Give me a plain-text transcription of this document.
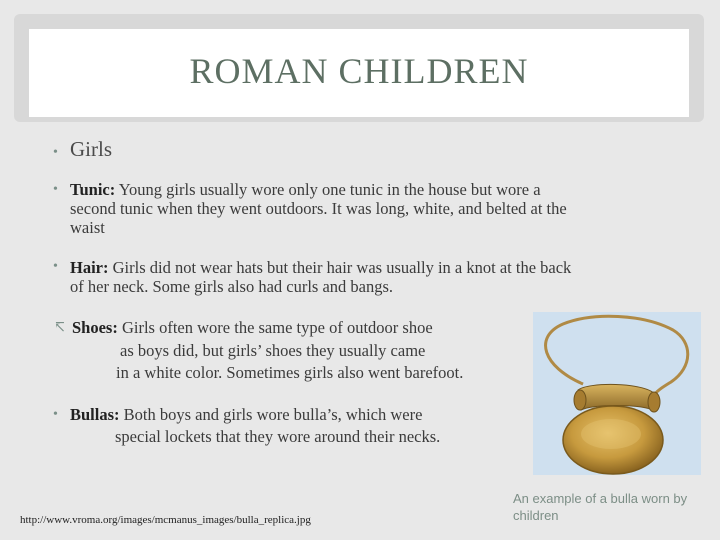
ROMAN CHILDREN
• Girls
• Tunic: Young girls usually wore only one tunic in the house but wore a
second tunic when they went outdoors. It was long, white, and belted at the
waist
• Hair: Girls did not wear hats but their hair was usually in a knot at the back
of her neck. Some girls also had curls and bangs.
↸ Shoes: Girls often wore the same type of outdoor shoe
as boys did, but girls’ shoes they usually came
in a white color. Sometimes girls also went barefoot.
• Bullas: Both boys and girls wore bulla’s, which were
special lockets that they wore around their necks.
An example of a bulla worn by children
http://www.vroma.org/images/mcmanus_images/bulla_replica.jpg
